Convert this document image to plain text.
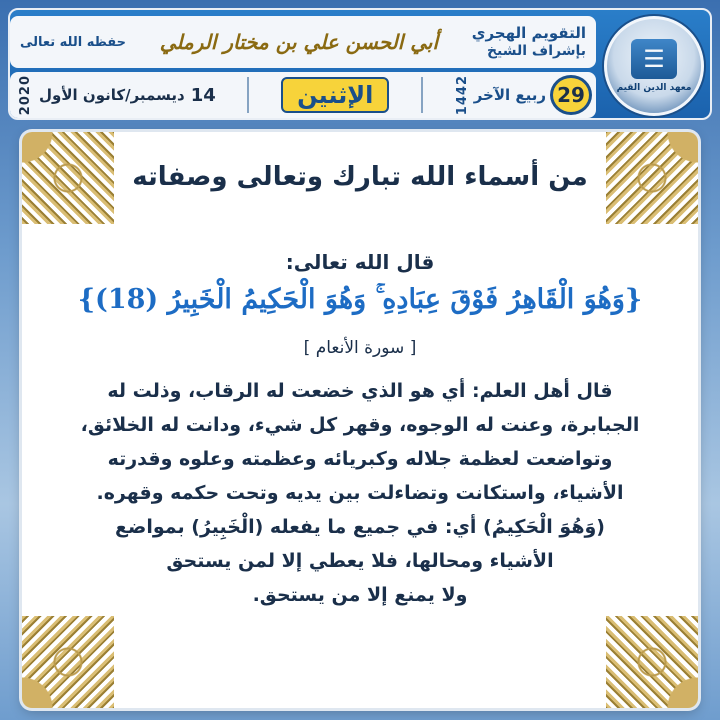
☰
معهد الدين القيم
التقويم الهجري
بإشراف الشيخ
أبي الحسن علي بن مختار الرملي
حفظه الله تعالى
29
ربيع الآخر
1442
الإثنين
14
ديسمبر/كانون الأول
2020
من أسماء الله تبارك وتعالى وصفاته
قال الله تعالى:
{وَهُوَ الْقَاهِرُ فَوْقَ عِبَادِهِ ۚ وَهُوَ الْحَكِيمُ الْخَبِيرُ (18)}
[ سورة الأنعام ]

قال أهل العلم: أي هو الذي خضعت له الرقاب، وذلت له

الجبابرة، وعنت له الوجوه، وقهر كل شيء، ودانت له الخلائق،

وتواضعت لعظمة جلاله وكبريائه وعظمته وعلوه وقدرته

الأشياء، واستكانت وتضاءلت بين يديه وتحت حكمه وقهره.

(وَهُوَ الْحَكِيمُ) أي: في جميع ما يفعله (الْخَبِيرُ) بمواضع

الأشياء ومحالها، فلا يعطي إلا لمن يستحق

ولا يمنع إلا من يستحق.
